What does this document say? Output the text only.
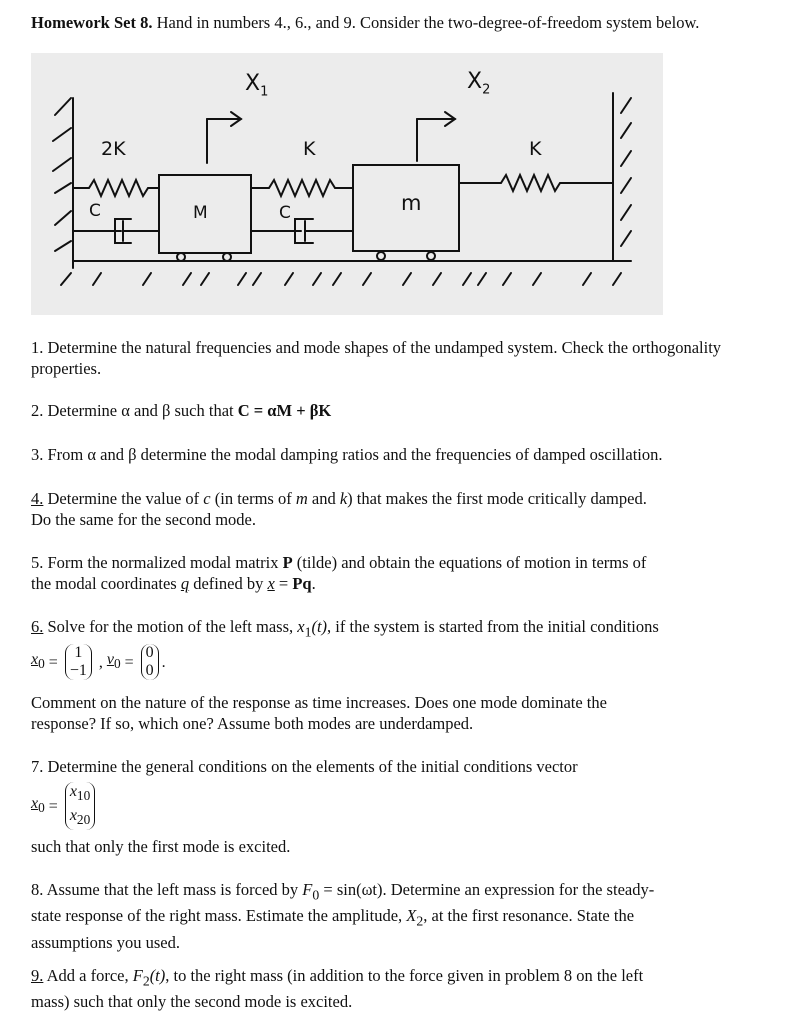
Homework Set 8. Hand in numbers 4., 6., and 9. Consider the two-degree-of-freedom system below.
$X_1$	$X_2$
2K	K	K
C	C
M	m
1. Determine the natural frequencies and mode shapes of the undamped system. Check the orthogonality properties.
2. Determine α and β such that C = αM + βK
3. From α and β determine the modal damping ratios and the frequencies of damped oscillation.
4. Determine the value of c (in terms of m and k) that makes the first mode critically damped.
Do the same for the second mode.
5. Form the normalized modal matrix P (tilde) and obtain the equations of motion in terms of
the modal coordinates q defined by x = Pq.
6. Solve for the motion of the left mass, $x_1(t)$, if the system is started from the initial conditions
$x_0$ =
1
−1 , $v_0$ =
0
0 .
Comment on the nature of the response as time increases. Does one mode dominate the
response? If so, which one? Assume both modes are underdamped.
7. Determine the general conditions on the elements of the initial conditions vector
$x_0$ =
$x_{10}$
$x_{20}$
such that only the first mode is excited.
8. Assume that the left mass is forced by $F_0 = \sin(\omega t)$. Determine an expression for the steady-
state response of the right mass. Estimate the amplitude, $X_2$, at the first resonance. State the
assumptions you used.
9. Add a force, $F_2(t)$, to the right mass (in addition to the force given in problem 8 on the left
mass) such that only the second mode is excited.
